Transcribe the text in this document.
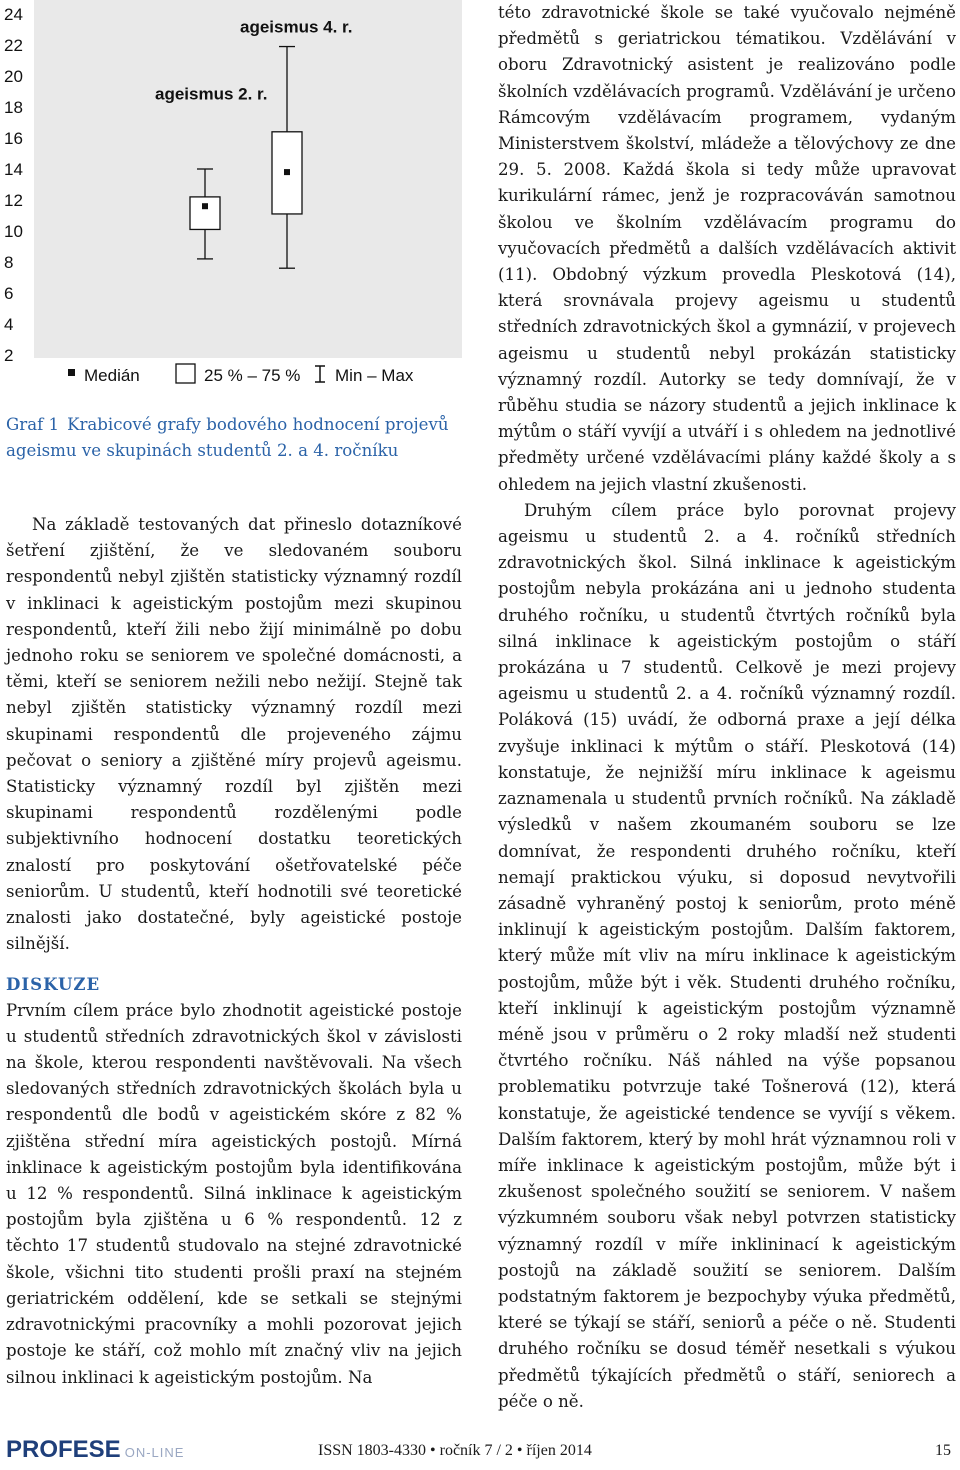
24
22
20
18
16
14
12
10
8
6
4
2
ageismus 2. r.
ageismus 4. r.
Medián	25 % – 75 % Min – Max
Graf 1 Krabicové grafy bodového hodnocení projevů ageismu ve skupinách studentů 2. a 4. ročníku

Na základě testovaných dat přineslo dotazníkové šetření zjištění, že ve sledovaném souboru respondentů nebyl zjištěn statisticky významný rozdíl v inklinaci k ageistickým postojům mezi skupinou respondentů, kteří žili nebo žijí minimálně po dobu jednoho roku se seniorem ve společné domácnosti, a těmi, kteří se seniorem nežili nebo nežijí. Stejně tak nebyl zjištěn statisticky významný rozdíl mezi skupinami respondentů dle projeveného zájmu pečovat o seniory a zjištěné míry projevů ageismu. Statisticky významný rozdíl byl zjištěn mezi skupinami respondentů rozdělenými podle subjektivního hodnocení dostatku teoretických znalostí pro poskytování ošetřovatelské péče seniorům. U studentů, kteří hodnotili své teoretické znalosti jako dostatečné, byly ageistické postoje silnější.

DISKUZE

Prvním cílem práce bylo zhodnotit ageistické postoje u studentů středních zdravotnických škol v závislosti na škole, kterou respondenti navštěvovali. Na všech sledovaných středních zdravotnických školách byla u respondentů dle bodů v ageistickém skóre z 82 % zjištěna střední míra ageistických postojů. Mírná inklinace k ageistickým postojům byla identifikována u 12 % respondentů. Silná inklinace k ageistickým postojům byla zjištěna u 6 % respondentů. 12 z těchto 17 studentů studovalo na stejné zdravotnické škole, všichni tito studenti prošli praxí na stejném geriatrickém oddělení, kde se setkali se stejnými zdravotnickými pracovníky a mohli pozorovat jejich postoje ke stáří, což mohlo mít značný vliv na jejich silnou inklinaci k ageistickým postojům. Na

této zdravotnické škole se také vyučovalo nejméně předmětů s geriatrickou tématikou. Vzdělávání v oboru Zdravotnický asistent je realizováno podle školních vzdělávacích programů. Vzdělávání je určeno Rámcovým vzdělávacím programem, vydaným Ministerstvem školství, mládeže a tělovýchovy ze dne 29. 5. 2008. Každá škola si tedy může upravovat kurikulární rámec, jenž je rozpracováván samotnou školou ve školním vzdělávacím programu do vyučovacích předmětů a dalších vzdělávacích aktivit (11). Obdobný výzkum provedla Pleskotová (14), která srovnávala projevy ageismu u studentů středních zdravotnických škol a gymnázií, v projevech ageismu u studentů nebyl prokázán statisticky významný rozdíl. Autorky se tedy domnívají, že v růběhu studia se názory studentů a jejich inklinace k mýtům o stáří vyvíjí a utváří i s ohledem na jednotlivé předměty určené vzdělávacími plány každé školy a s ohledem na jejich vlastní zkušenosti.

Druhým cílem práce bylo porovnat projevy ageismu u studentů 2. a 4. ročníků středních zdravotnických škol. Silná inklinace k ageistickým postojům nebyla prokázána ani u jednoho studenta druhého ročníku, u studentů čtvrtých ročníků byla silná inklinace k ageistickým postojům o stáří prokázána u 7 studentů. Celkově je mezi projevy ageismu u studentů 2. a 4. ročníků významný rozdíl. Poláková (15) uvádí, že odborná praxe a její délka zvyšuje inklinaci k mýtům o stáří. Pleskotová (14) konstatuje, že nejnižší míru inklinace k ageismu zaznamenala u studentů prvních ročníků. Na základě výsledků v našem zkoumaném souboru se lze domnívat, že respondenti druhého ročníku, kteří nemají praktickou výuku, si doposud nevytvořili zásadně vyhraněný postoj k seniorům, proto méně inklinují k ageistickým postojům. Dalším faktorem, který může mít vliv na míru inklinace k ageistickým postojům, může být i věk. Studenti druhého ročníku, kteří inklinují k ageistickým postojům významně méně jsou v průměru o 2 roky mladší než studenti čtvrtého ročníku. Náš náhled na výše popsanou problematiku potvrzuje také Tošnerová (12), která konstatuje, že ageistické tendence se vyvíjí s věkem. Dalším faktorem, který by mohl hrát významnou roli v míře inklinace k ageistickým postojům, může být i zkušenost společného soužití se seniorem. V našem výzkumném souboru však nebyl potvrzen statisticky významný rozdíl v míře inklininací k ageistickým postojů na základě soužití se seniorem. Dalším podstatným faktorem je bezpochyby výuka předmětů, které se týkají se stáří, seniorů a péče o ně. Studenti druhého ročníku se dosud téměř nesetkali s výukou předmětů týkajících předmětů o stáří, seniorech a péče o ně.

PROFESE ON-LINE	ISSN 1803-4330 • ročník 7 / 2 • říjen 2014	15
